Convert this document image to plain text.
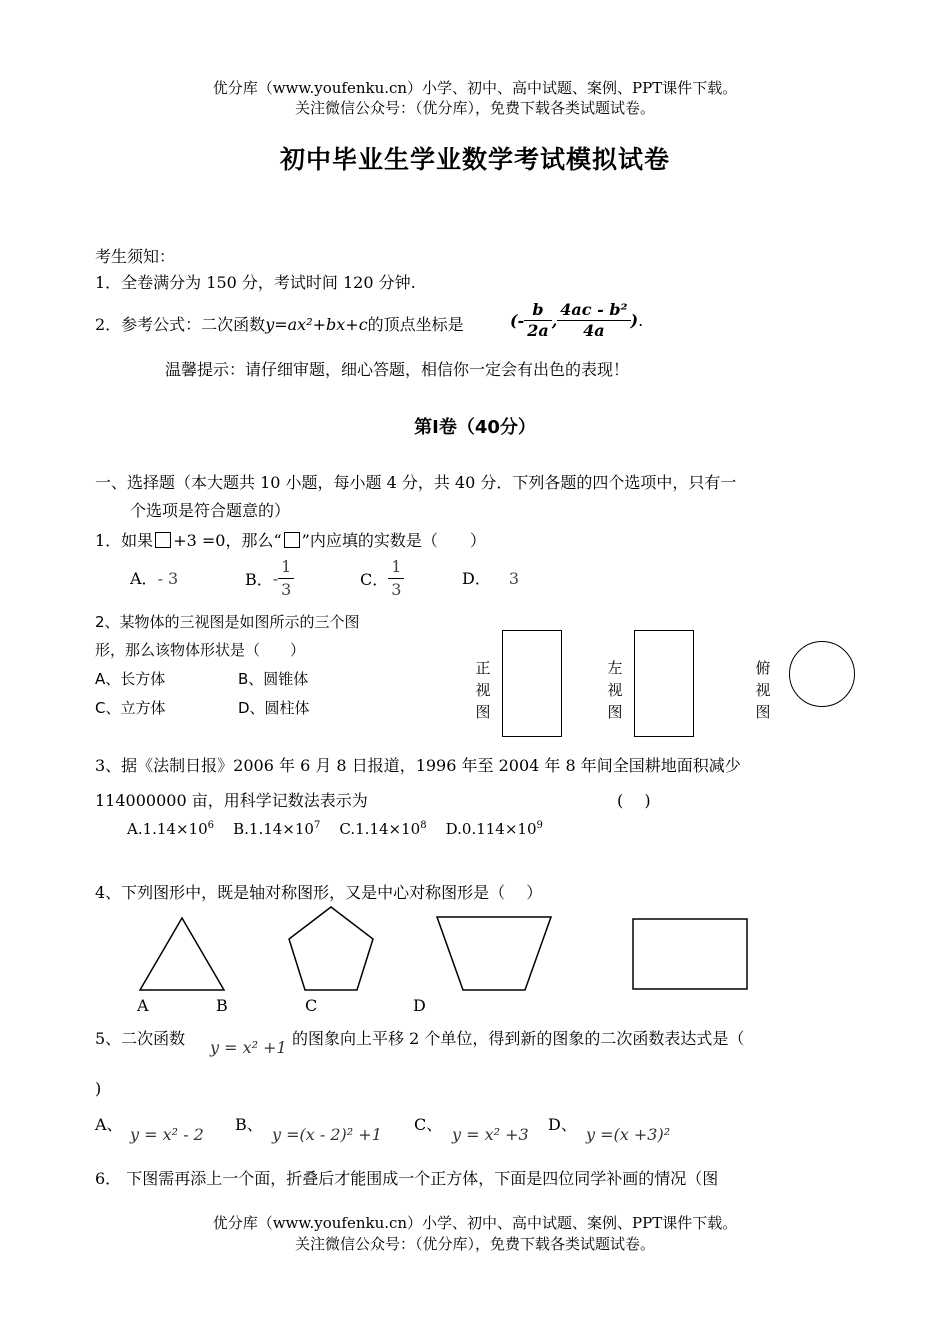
优分库（www.youfenku.cn）小学、初中、高中试题、案例、PPT课件下载。
关注微信公众号：（优分库），免费下载各类试题试卷。
初中毕业生学业数学考试模拟试卷
考生须知：
1．全卷满分为 150 分，考试时间 120 分钟.
2．参考公式：二次函数y=ax²+bx+c的顶点坐标是	(- $\frac{b}{2a}$ , $\frac{\text{4ac - b²}}{4a}$ ).
温馨提示：请仔细审题，细心答题，相信你一定会有出色的表现！
第Ⅰ卷（40分）
一、选择题（本大题共 10 小题，每小题 4 分，共 40 分．下列各题的四个选项中，只有一
个选项是符合题意的）
1．如果 +3 =0，那么“ ”内应填的实数是（　　）
A．- 3	B．- $\frac{1}{3}$	C． $\frac{1}{3}$	D． 3
2、某物体的三视图是如图所示的三个图
形，那么该物体形状是（　　）
A、长方体	B、圆锥体
C、立方体	D、圆柱体
正
视
图
左
视
图
俯
视
图
3、据《法制日报》2006 年 6 月 8 日报道，1996 年至 2004 年 8 年间全国耕地面积减少
114000000 亩，用科学记数法表示为	(　 )
$A.1.14\times 10^6$ $B.1.14\times 10^7$ $C.1.14\times 10^8$ $D.0.114\times 10^9$
4、下列图形中，既是轴对称图形，又是中心对称图形是（　 ）
A	B	C	D
5、二次函数 y = x² +1 的图象向上平移 2 个单位，得到新的图象的二次函数表达式是（
)
A、
y = x² - 2
B、
y =(x - 2)² +1
C、
y = x² +3
D、
y =(x +3)²
6． 下图需再添上一个面，折叠后才能围成一个正方体，下面是四位同学补画的情况（图
优分库（www.youfenku.cn）小学、初中、高中试题、案例、PPT课件下载。
关注微信公众号：（优分库），免费下载各类试题试卷。
